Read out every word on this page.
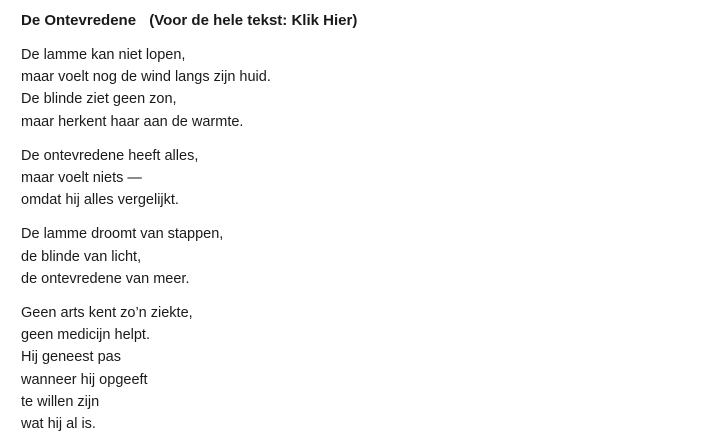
De Ontevredene (Voor de hele tekst: Klik Hier)
De lamme kan niet lopen,
maar voelt nog de wind langs zijn huid.
De blinde ziet geen zon,
maar herkent haar aan de warmte.
De ontevredene heeft alles,
maar voelt niets —
omdat hij alles vergelijkt.
De lamme droomt van stappen,
de blinde van licht,
de ontevredene van meer.
Geen arts kent zo’n ziekte,
geen medicijn helpt.
Hij geneest pas
wanneer hij opgeeft
te willen zijn
wat hij al is.
